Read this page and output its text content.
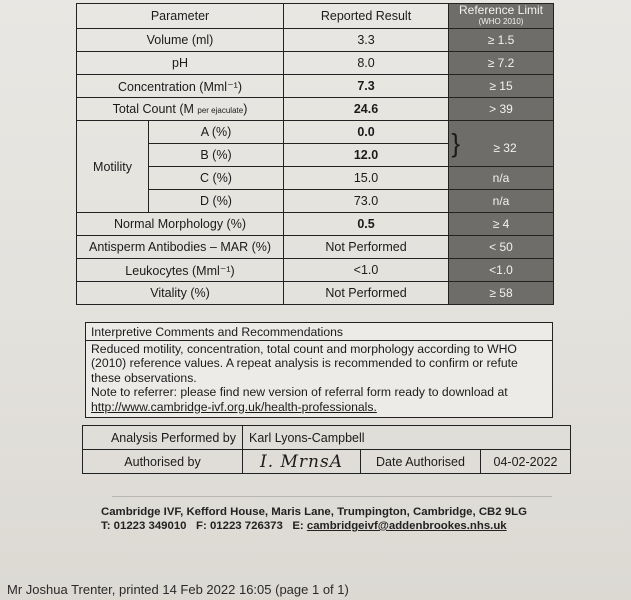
Parameter		Reported Result	Reference Limit
(WHO 2010)

Volume (ml)		3.3	≥ 1.5
pH		8.0	≥ 7.2
Concentration (Mml⁻¹)		7.3	≥ 15
Total Count (M per ejaculate)		24.6	> 39
Motility	A (%)	0.0	} ≥ 32
	B (%)	12.0	
	C (%)	15.0	n/a
	D (%)	73.0	n/a
Normal Morphology (%)		0.5	≥ 4
Antisperm Antibodies – MAR (%)		Not Performed	< 50
Leukocytes (Mml⁻¹)		<1.0	<1.0
Vitality (%)		Not Performed	≥ 58
Interpretive Comments and Recommendations
Reduced motility, concentration, total count and morphology according to WHO
(2010) reference values. A repeat analysis is recommended to confirm or refute
these observations.
Note to referrer: please find new version of referral form ready to download at
http://www.cambridge-ivf.org.uk/health-professionals.
Analysis Performed by	Karl Lyons-Campbell		
Authorised by	I. MrnsA	Date Authorised	04-02-2022
Cambridge IVF, Kefford House, Maris Lane, Trumpington, Cambridge, CB2 9LG
T: 01223 349010 F: 01223 726373 E: cambridgeivf@addenbrookes.nhs.uk
Mr Joshua Trenter, printed 14 Feb 2022 16:05 (page 1 of 1)
